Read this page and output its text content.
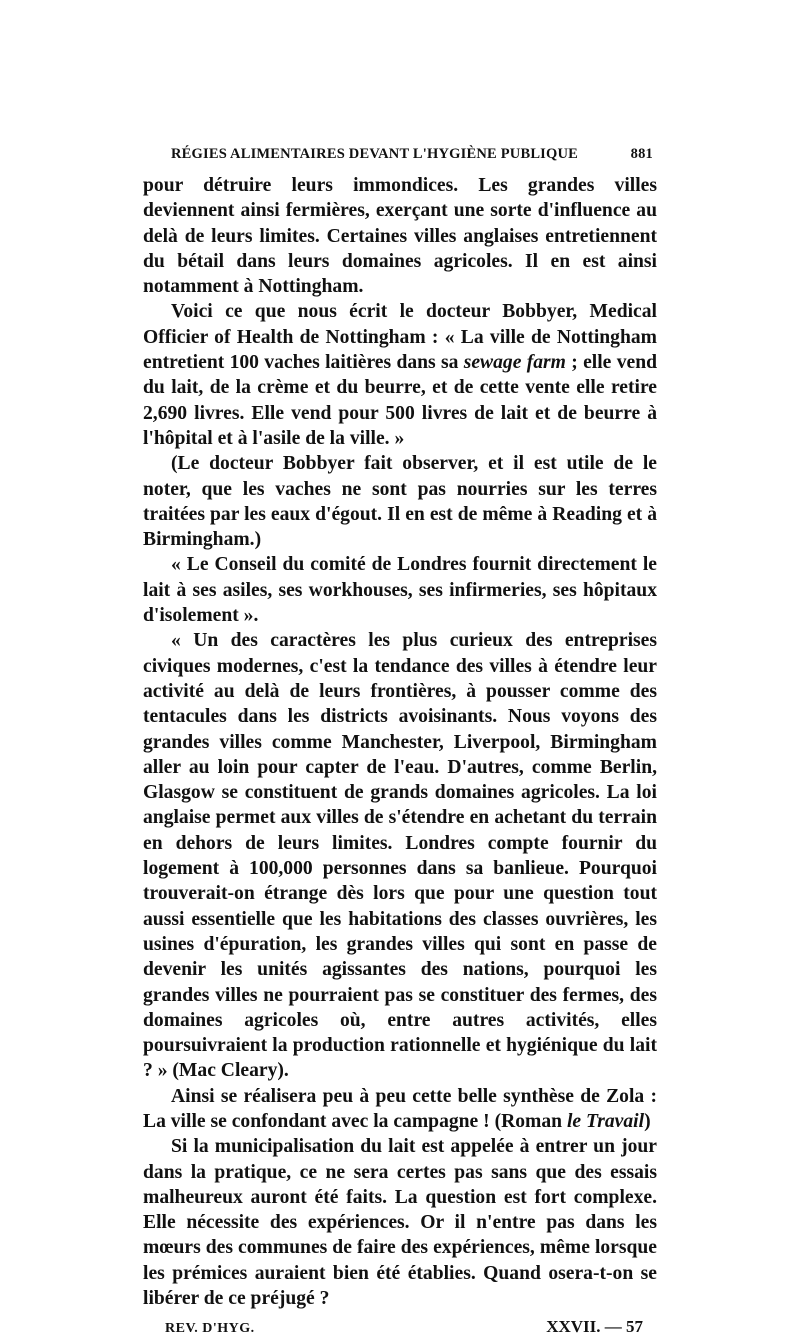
RÉGIES ALIMENTAIRES DEVANT L'HYGIÈNE PUBLIQUE	881

pour détruire leurs immondices. Les grandes villes deviennent ainsi fermières, exerçant une sorte d'influence au delà de leurs limites. Certaines villes anglaises entretiennent du bétail dans leurs domaines agricoles. Il en est ainsi notamment à Nottingham.

Voici ce que nous écrit le docteur Bobbyer, Medical Officier of Health de Nottingham : « La ville de Nottingham entretient 100 vaches laitières dans sa sewage farm ; elle vend du lait, de la crème et du beurre, et de cette vente elle retire 2,690 livres. Elle vend pour 500 livres de lait et de beurre à l'hôpital et à l'asile de la ville. »

(Le docteur Bobbyer fait observer, et il est utile de le noter, que les vaches ne sont pas nourries sur les terres traitées par les eaux d'égout. Il en est de même à Reading et à Birmingham.)

« Le Conseil du comité de Londres fournit directement le lait à ses asiles, ses workhouses, ses infirmeries, ses hôpitaux d'isolement ».

« Un des caractères les plus curieux des entreprises civiques modernes, c'est la tendance des villes à étendre leur activité au delà de leurs frontières, à pousser comme des tentacules dans les districts avoisinants. Nous voyons des grandes villes comme Manchester, Liverpool, Birmingham aller au loin pour capter de l'eau. D'autres, comme Berlin, Glasgow se constituent de grands domaines agricoles. La loi anglaise permet aux villes de s'étendre en achetant du terrain en dehors de leurs limites. Londres compte fournir du logement à 100,000 personnes dans sa banlieue. Pourquoi trouverait-on étrange dès lors que pour une question tout aussi essentielle que les habitations des classes ouvrières, les usines d'épuration, les grandes villes qui sont en passe de devenir les unités agissantes des nations, pourquoi les grandes villes ne pourraient pas se constituer des fermes, des domaines agricoles où, entre autres activités, elles poursuivraient la production rationnelle et hygiénique du lait ? » (Mac Cleary).

Ainsi se réalisera peu à peu cette belle synthèse de Zola : La ville se confondant avec la campagne ! (Roman le Travail)

Si la municipalisation du lait est appelée à entrer un jour dans la pratique, ce ne sera certes pas sans que des essais malheureux auront été faits. La question est fort complexe. Elle nécessite des expériences. Or il n'entre pas dans les mœurs des communes de faire des expériences, même lorsque les prémices auraient bien été établies. Quand osera-t-on se libérer de ce préjugé ?

REV. D'HYG.	XXVII. — 57
